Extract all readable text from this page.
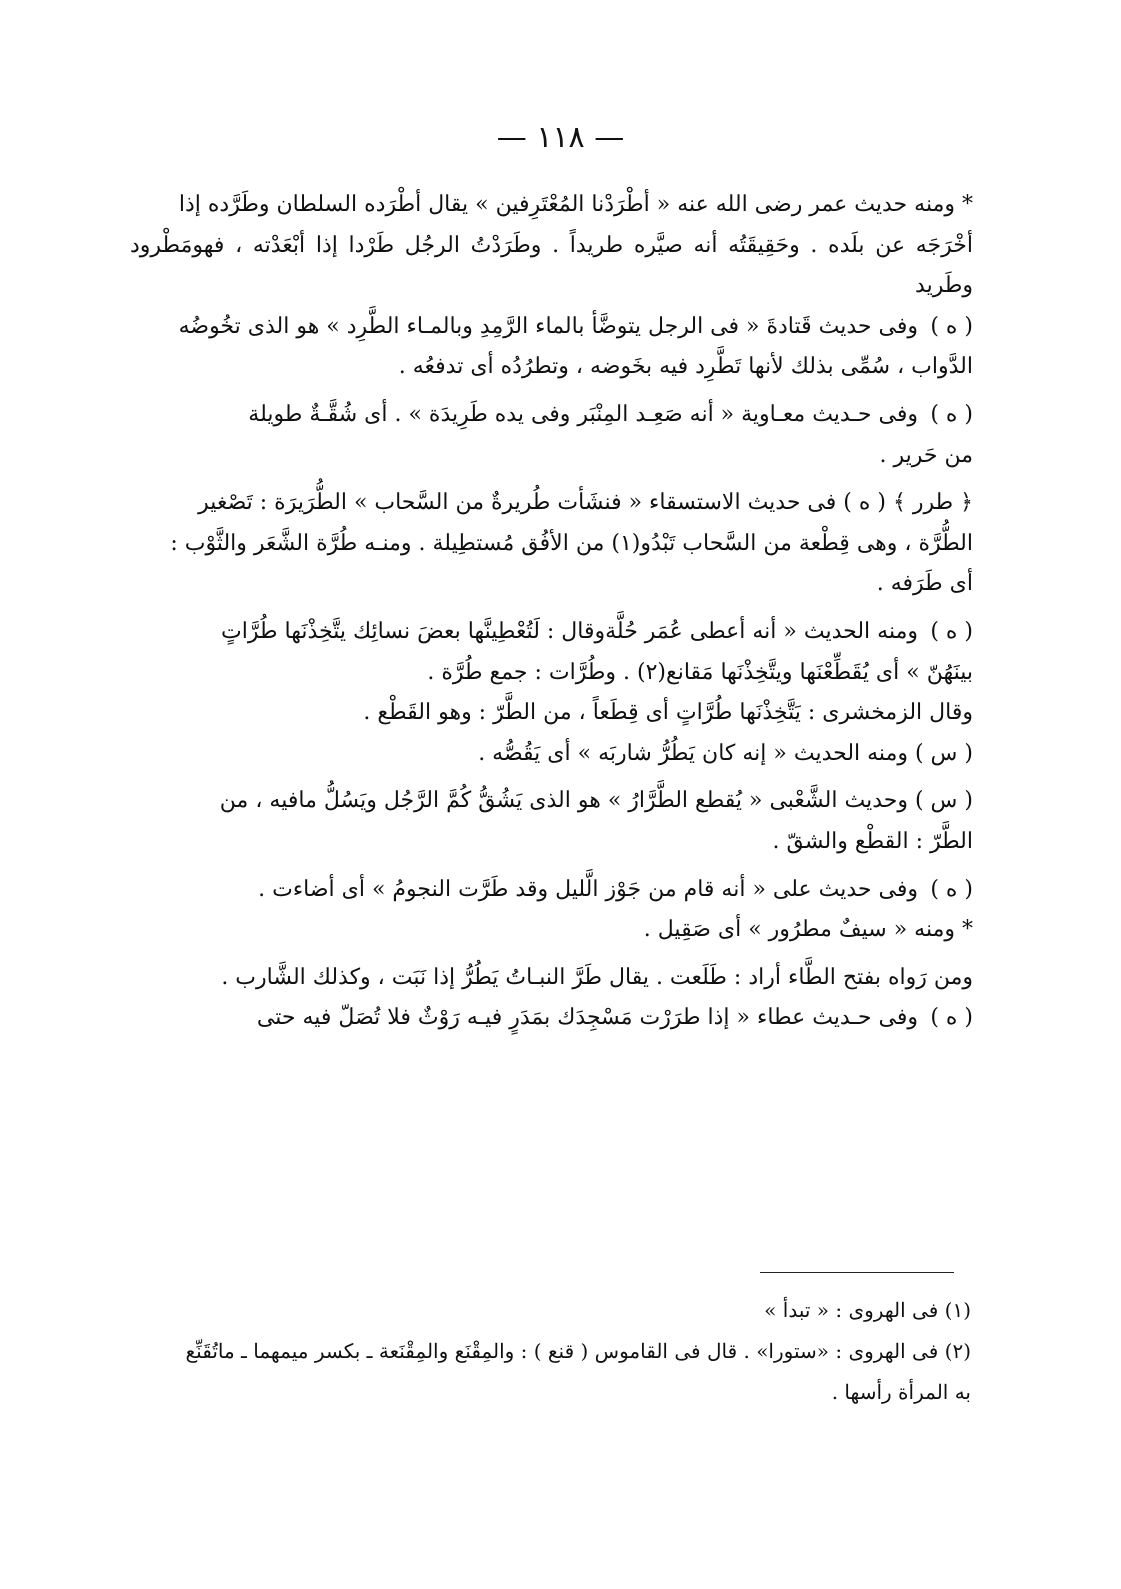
— ١١٨ —

* ومنه حديث عمر رضى الله عنه « أطْرَدْنا المُعْتَرِفين » يقال أطْرَده السلطان وطَرَّده إذا

أخْرَجَه عن بلَده . وحَقِيقَتُه أنه صيَّره طريداً . وطَرَدْتُ الرجُل طَرْدا إذا أبْعَدْته ، فهومَطْرود وطَريد

( ه ) وفى حديث قَتادةَ « فى الرجل يتوضَّأ بالماء الرَّمِدِ وبالمـاء الطَّرِد » هو الذى تخُوضُه

الدَّواب ، سُمِّى بذلك لأنها تَطَّرِد فيه بخَوضه ، وتطرُدُه أى تدفعُه .

( ه ) وفى حـديث معـاوية « أنه صَعِـد المِنْبَر وفى يده طَرِيدَة » . أى شُقَّـةٌ طويلة

من حَرير .

﴿ طرر ﴾ ( ه ) فى حديث الاستسقاء « فنشَأت طُريرةٌ من السَّحاب » الطُّرَيرَة : تَصْغير

الطُّرَّة ، وهى قِطْعة من السَّحاب تَبْدُو(١) من الأفُق مُستطِيلة . ومنـه طُرَّة الشَّعَر والثَّوْب :

أى طَرَفه .

( ه ) ومنه الحديث « أنه أعطى عُمَر حُلَّةوقال : لَتُعْطِينَّها بعضَ نسائِك يتَّخِذْنَها طُرَّاتٍ

بينَهُنّ » أى يُقَطِّعْنَها ويتَّخِذْنَها مَقانع(٢) . وطُرَّات : جمع طُرَّة .

وقال الزمخشرى : يَتَّخِذْنَها طُرَّاتٍ أى قِطَعاً ، من الطَّرّ : وهو القَطْع .

( س ) ومنه الحديث « إنه كان يَطُرُّ شاربَه » أى يَقُصُّه .

( س ) وحديث الشَّعْبى « يُقطع الطَّرَّارُ » هو الذى يَشُقُّ كُمَّ الرَّجُل ويَسُلُّ مافيه ، من

الطَّرّ : القطْع والشقّ .

( ه ) وفى حديث على « أنه قام من جَوْز الَّليل وقد طَرَّت النجومُ » أى أضاءت .

* ومنه « سيفٌ مطرُور » أى صَقِيل .

ومن رَواه بفتح الطَّاء أراد : طَلَعت . يقال طَرَّ النبـاتُ يَطُرُّ إذا نَبَت ، وكذلك الشَّارب .

( ه ) وفى حـديث عطاء « إذا طرَرْت مَسْجِدَك بمَدَرٍ فيـه رَوْثٌ فلا تُصَلّ فيه حتى

(١) فى الهروى : « تبدأ »

(٢) فى الهروى : «ستورا» . قال فى القاموس ( قنع ) : والمِقْنَع والمِقْنَعة ـ بكسر ميمهما ـ ماتُقَنِّع

به المرأة رأسها .
